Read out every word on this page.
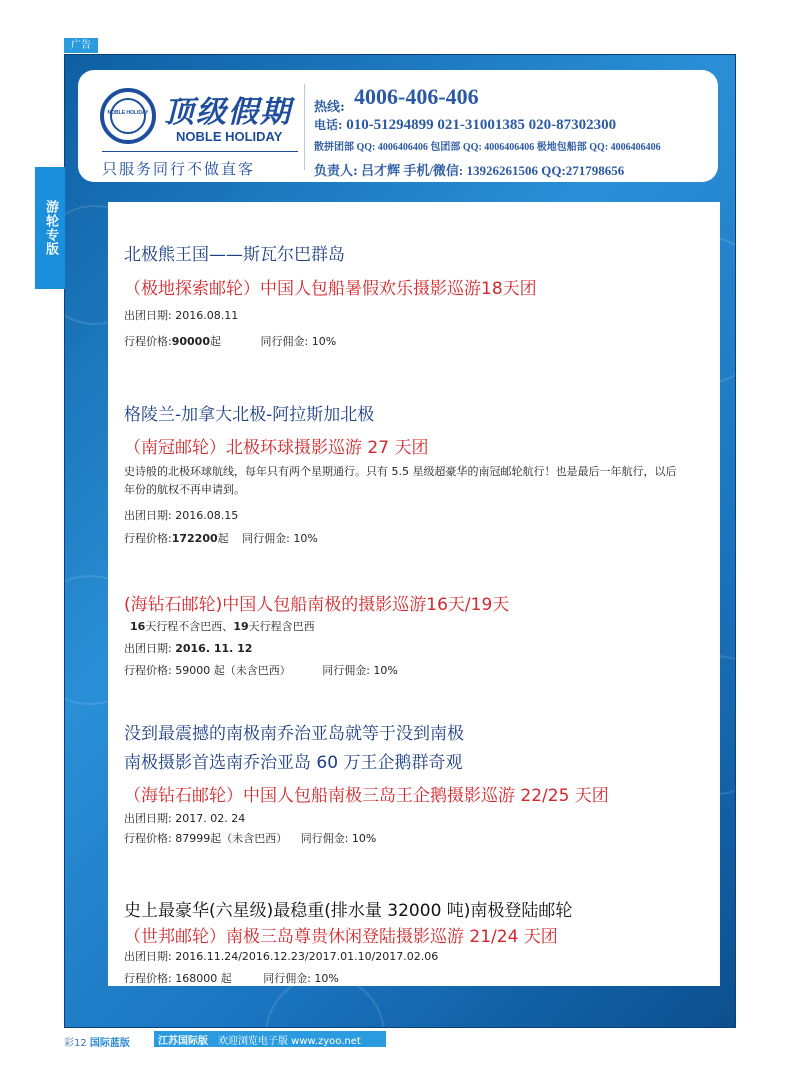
广告
游轮专版
NOBLE HOLIDAY 顶级假期
NOBLE HOLIDAY
只服务同行不做直客
热线: 4006-406-406
电话: 010-51294899 021-31001385 020-87302300
散拼团部 QQ: 4006406406 包团部 QQ: 4006406406 极地包船部 QQ: 4006406406
负责人: 吕才辉 手机/微信: 13926261506 QQ:271798656
北极熊王国——斯瓦尔巴群岛
（极地探索邮轮）中国人包船暑假欢乐摄影巡游18天团
出团日期: 2016.08.11
行程价格:90000起	同行佣金: 10%
格陵兰-加拿大北极-阿拉斯加北极
（南冠邮轮）北极环球摄影巡游 27 天团
史诗般的北极环球航线，每年只有两个星期通行。只有 5.5 星级超豪华的南冠邮轮航行！也是最后一年航行，以后年份的航权不再申请到。
出团日期: 2016.08.15
行程价格:172200起 同行佣金: 10%
(海钻石邮轮)中国人包船南极的摄影巡游16天/19天
16天行程不含巴西、19天行程含巴西
出团日期: 2016. 11. 12
行程价格: 59000 起（未含巴西）	同行佣金: 10%
没到最震撼的南极南乔治亚岛就等于没到南极
南极摄影首选南乔治亚岛 60 万王企鹅群奇观
（海钻石邮轮）中国人包船南极三岛王企鹅摄影巡游 22/25 天团
出团日期: 2017. 02. 24
行程价格: 87999起（未含巴西） 同行佣金: 10%
史上最豪华(六星级)最稳重(排水量 32000 吨)南极登陆邮轮
（世邦邮轮）南极三岛尊贵休闲登陆摄影巡游 21/24 天团
出团日期: 2016.11.24/2016.12.23/2017.01.10/2017.02.06
行程价格: 168000 起	同行佣金: 10%
彩12 国际蓝版	江苏国际版 欢迎浏览电子版 www.zyoo.net
